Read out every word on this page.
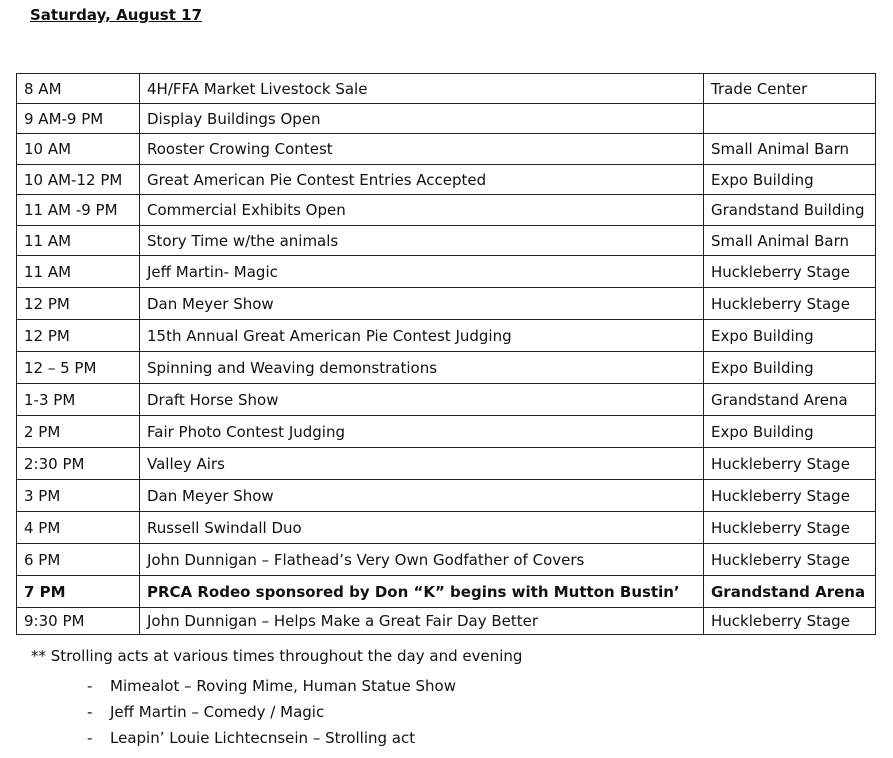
Saturday, August 17
8 AM	4H/FFA Market Livestock Sale	Trade Center
9 AM-9 PM	Display Buildings Open	
10 AM	Rooster Crowing Contest	Small Animal Barn
10 AM-12 PM	Great American Pie Contest Entries Accepted	Expo Building
11 AM -9 PM	Commercial Exhibits Open	Grandstand Building
11 AM	Story Time w/the animals	Small Animal Barn
11 AM	Jeff Martin- Magic	Huckleberry Stage
12 PM	Dan Meyer Show	Huckleberry Stage
12 PM	15th Annual Great American Pie Contest Judging	Expo Building
12 – 5 PM	Spinning and Weaving demonstrations	Expo Building
1-3 PM	Draft Horse Show	Grandstand Arena
2 PM	Fair Photo Contest Judging	Expo Building
2:30 PM	Valley Airs	Huckleberry Stage
3 PM	Dan Meyer Show	Huckleberry Stage
4 PM	Russell Swindall Duo	Huckleberry Stage
6 PM	John Dunnigan – Flathead’s Very Own Godfather of Covers	Huckleberry Stage
7 PM	PRCA Rodeo sponsored by Don “K” begins with Mutton Bustin’	Grandstand Arena
9:30 PM	John Dunnigan – Helps Make a Great Fair Day Better	Huckleberry Stage
** Strolling acts at various times throughout the day and evening
- Mimealot – Roving Mime, Human Statue Show
- Jeff Martin – Comedy / Magic
- Leapin’ Louie Lichtecnsein – Strolling act
